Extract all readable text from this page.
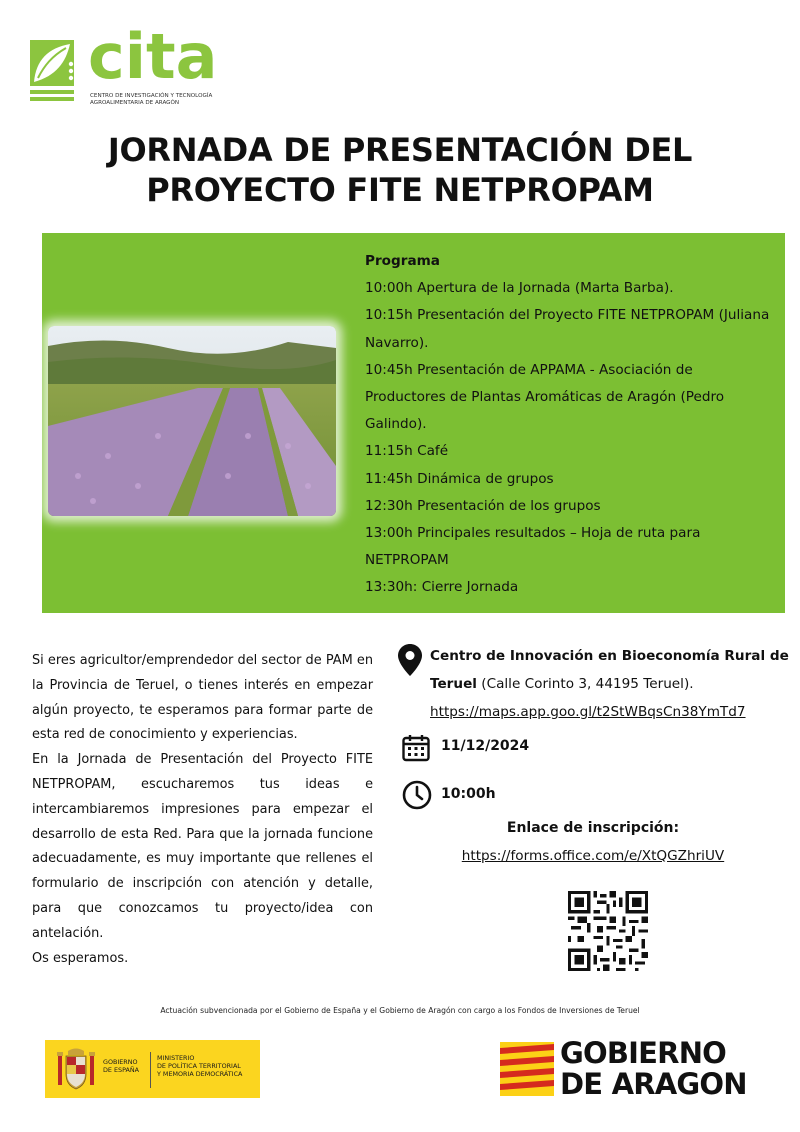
cita
CENTRO DE INVESTIGACIÓN Y TECNOLOGÍA
AGROALIMENTARIA DE ARAGÓN
JORNADA DE PRESENTACIÓN DEL
PROYECTO FITE NETPROPAM
Programa
10:00h Apertura de la Jornada (Marta Barba).
10:15h Presentación del Proyecto FITE NETPROPAM (Juliana Navarro).
10:45h Presentación de APPAMA - Asociación de Productores de Plantas Aromáticas de Aragón (Pedro Galindo).
11:15h Café
11:45h Dinámica de grupos
12:30h Presentación de los grupos
13:00h Principales resultados – Hoja de ruta para NETPROPAM
13:30h: Cierre Jornada

Si eres agricultor/emprendedor del sector de PAM en la Provincia de Teruel, o tienes interés en empezar algún proyecto, te esperamos para formar parte de esta red de conocimiento y experiencias.

En la Jornada de Presentación del Proyecto FITE NETPROPAM, escucharemos tus ideas e intercambiaremos impresiones para empezar el desarrollo de esta Red. Para que la jornada funcione adecuadamente, es muy importante que rellenes el formulario de inscripción con atención y detalle, para que conozcamos tu proyecto/idea con antelación.

Os esperamos.

Centro de Innovación en Bioeconomía Rural de Teruel (Calle Corinto 3, 44195 Teruel).
https://maps.app.goo.gl/t2StWBqsCn38YmTd7
11/12/2024
10:00h
Enlace de inscripción:
https://forms.office.com/e/XtQGZhriUV
Actuación subvencionada por el Gobierno de España y el Gobierno de Aragón con cargo a los Fondos de Inversiones de Teruel
GOBIERNO
DE ESPAÑA
MINISTERIO
DE POLÍTICA TERRITORIAL
Y MEMORIA DEMOCRÁTICA
GOBIERNO
DE ARAGON
